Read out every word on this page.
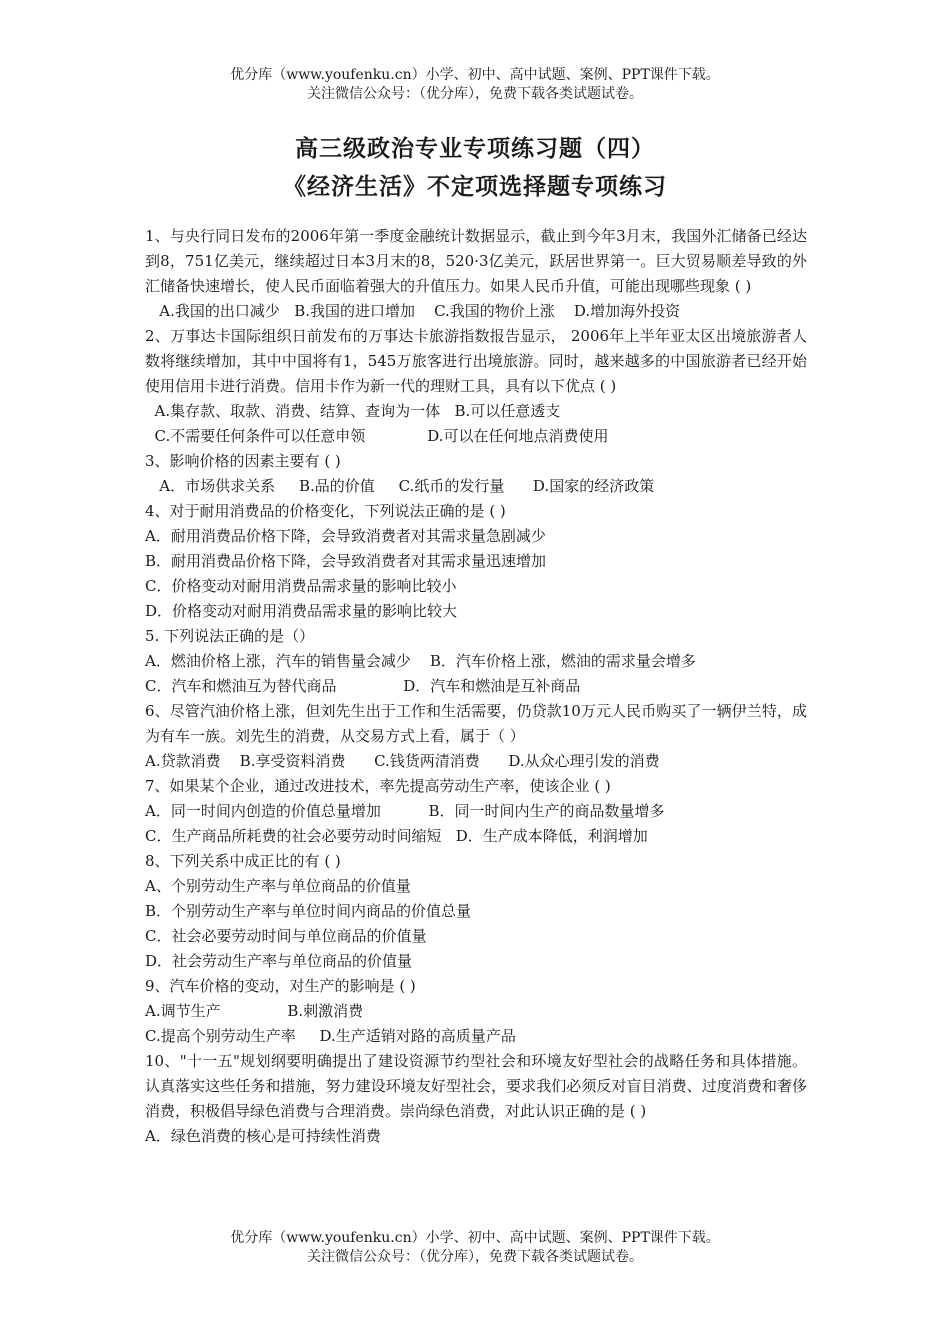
优分库（www.youfenku.cn）小学、初中、高中试题、案例、PPT课件下载。
关注微信公众号：（优分库），免费下载各类试题试卷。
高三级政治专业专项练习题（四）
《经济生活》不定项选择题专项练习

1、与央行同日发布的2006年第一季度金融统计数据显示，截止到今年3月末，我国外汇储备已经达到8，751亿美元，继续超过日本3月末的8，520·3亿美元，跃居世界第一。巨大贸易顺差导致的外汇储备快速增长，使人民币面临着强大的升值压力。如果人民币升值，可能出现哪些现象 ( )

A.我国的出口减少   B.我国的进口增加    C.我国的物价上涨    D.增加海外投资

2、万事达卡国际组织日前发布的万事达卡旅游指数报告显示， 2006年上半年亚太区出境旅游者人数将继续增加，其中中国将有1，545万旅客进行出境旅游。同时，越来越多的中国旅游者已经开始使用信用卡进行消费。信用卡作为新一代的理财工具，具有以下优点 ( )

A.集存款、取款、消费、结算、查询为一体   B.可以任意透支

C.不需要任何条件可以任意申领             D.可以在任何地点消费使用

3、影响价格的因素主要有 ( )

A．市场供求关系     B.品的价值     C.纸币的发行量      D.国家的经济政策

4、对于耐用消费品的价格变化，下列说法正确的是 ( )

A．耐用消费品价格下降，会导致消费者对其需求量急剧减少

B．耐用消费品价格下降，会导致消费者对其需求量迅速增加

C．价格变动对耐用消费品需求量的影响比较小

D．价格变动对耐用消费品需求量的影响比较大

5. 下列说法正确的是（）

A．燃油价格上涨，汽车的销售量会减少    B．汽车价格上涨，燃油的需求量会增多

C．汽车和燃油互为替代商品              D．汽车和燃油是互补商品

6、尽管汽油价格上涨，但刘先生出于工作和生活需要，仍贷款10万元人民币购买了一辆伊兰特，成为有车一族。刘先生的消费，从交易方式上看，属于（ ）

A.贷款消费    B.享受资料消费      C.钱货两清消费      D.从众心理引发的消费

7、如果某个企业，通过改进技术，率先提高劳动生产率，使该企业 ( )

A．同一时间内创造的价值总量增加          B．同一时间内生产的商品数量增多

C．生产商品所耗费的社会必要劳动时间缩短   D．生产成本降低，利润增加

8、下列关系中成正比的有 ( )

A、个别劳动生产率与单位商品的价值量

B．个别劳动生产率与单位时间内商品的价值总量

C．社会必要劳动时间与单位商品的价值量

D．社会劳动生产率与单位商品的价值量

9、汽车价格的变动，对生产的影响是 ( )

A.调节生产              B.刺激消费

C.提高个别劳动生产率     D.生产适销对路的高质量产品

10、"十一五"规划纲要明确提出了建设资源节约型社会和环境友好型社会的战略任务和具体措施。认真落实这些任务和措施，努力建设环境友好型社会，要求我们必须反对盲目消费、过度消费和奢侈消费，积极倡导绿色消费与合理消费。崇尚绿色消费，对此认识正确的是 ( )

A．绿色消费的核心是可持续性消费

优分库（www.youfenku.cn）小学、初中、高中试题、案例、PPT课件下载。
关注微信公众号：（优分库），免费下载各类试题试卷。
